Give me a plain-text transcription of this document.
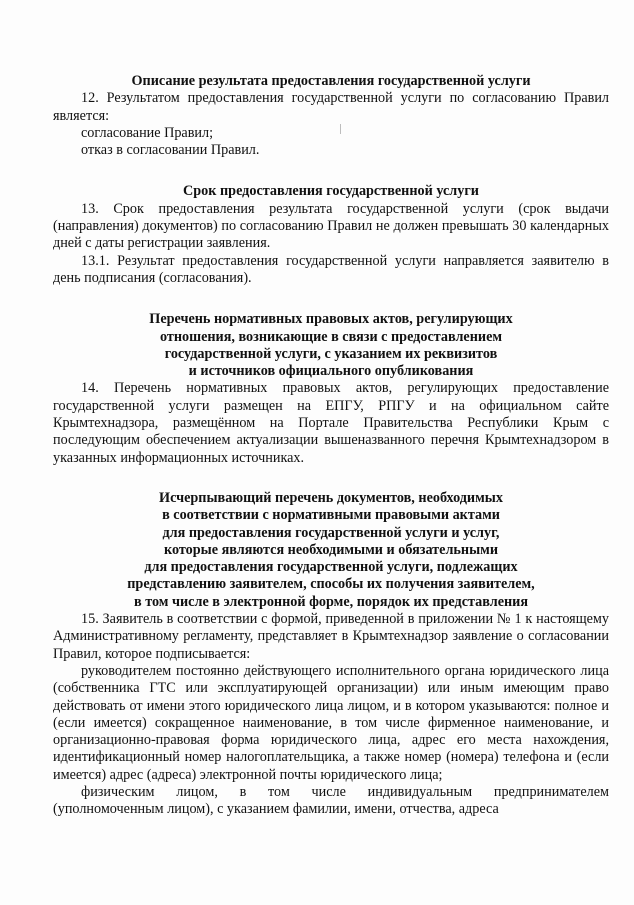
Описание результата предоставления государственной услуги

12. Результатом предоставления государственной услуги по согласованию Правил является:

согласование Правил;

отказ в согласовании Правил.

Срок предоставления государственной услуги

13. Срок предоставления результата государственной услуги (срок выдачи (направления) документов) по согласованию Правил не должен превышать 30 календарных дней с даты регистрации заявления.

13.1. Результат предоставления государственной услуги направляется заявителю в день подписания (согласования).

Перечень нормативных правовых актов, регулирующих
отношения, возникающие в связи с предоставлением
государственной услуги, с указанием их реквизитов
и источников официального опубликования

14. Перечень нормативных правовых актов, регулирующих предоставление государственной услуги размещен на ЕПГУ, РПГУ и на официальном сайте Крымтехнадзора, размещённом на Портале Правительства Республики Крым с последующим обеспечением актуализации вышеназванного перечня Крымтехнадзором в указанных информационных источниках.

Исчерпывающий перечень документов, необходимых
в соответствии с нормативными правовыми актами
для предоставления государственной услуги и услуг,
которые являются необходимыми и обязательными
для предоставления государственной услуги, подлежащих
представлению заявителем, способы их получения заявителем,
в том числе в электронной форме, порядок их представления

15. Заявитель в соответствии с формой, приведенной в приложении № 1 к настоящему Административному регламенту, представляет в Крымтехнадзор заявление о согласовании Правил, которое подписывается:

руководителем постоянно действующего исполнительного органа юридического лица (собственника ГТС или эксплуатирующей организации) или иным имеющим право действовать от имени этого юридического лица лицом, и в котором указываются: полное и (если имеется) сокращенное наименование, в том числе фирменное наименование, и организационно-правовая форма юридического лица, адрес его места нахождения, идентификационный номер налогоплательщика, а также номер (номера) телефона и (если имеется) адрес (адреса) электронной почты юридического лица;

физическим лицом, в том числе индивидуальным предпринимателем (уполномоченным лицом), с указанием фамилии, имени, отчества, адреса
